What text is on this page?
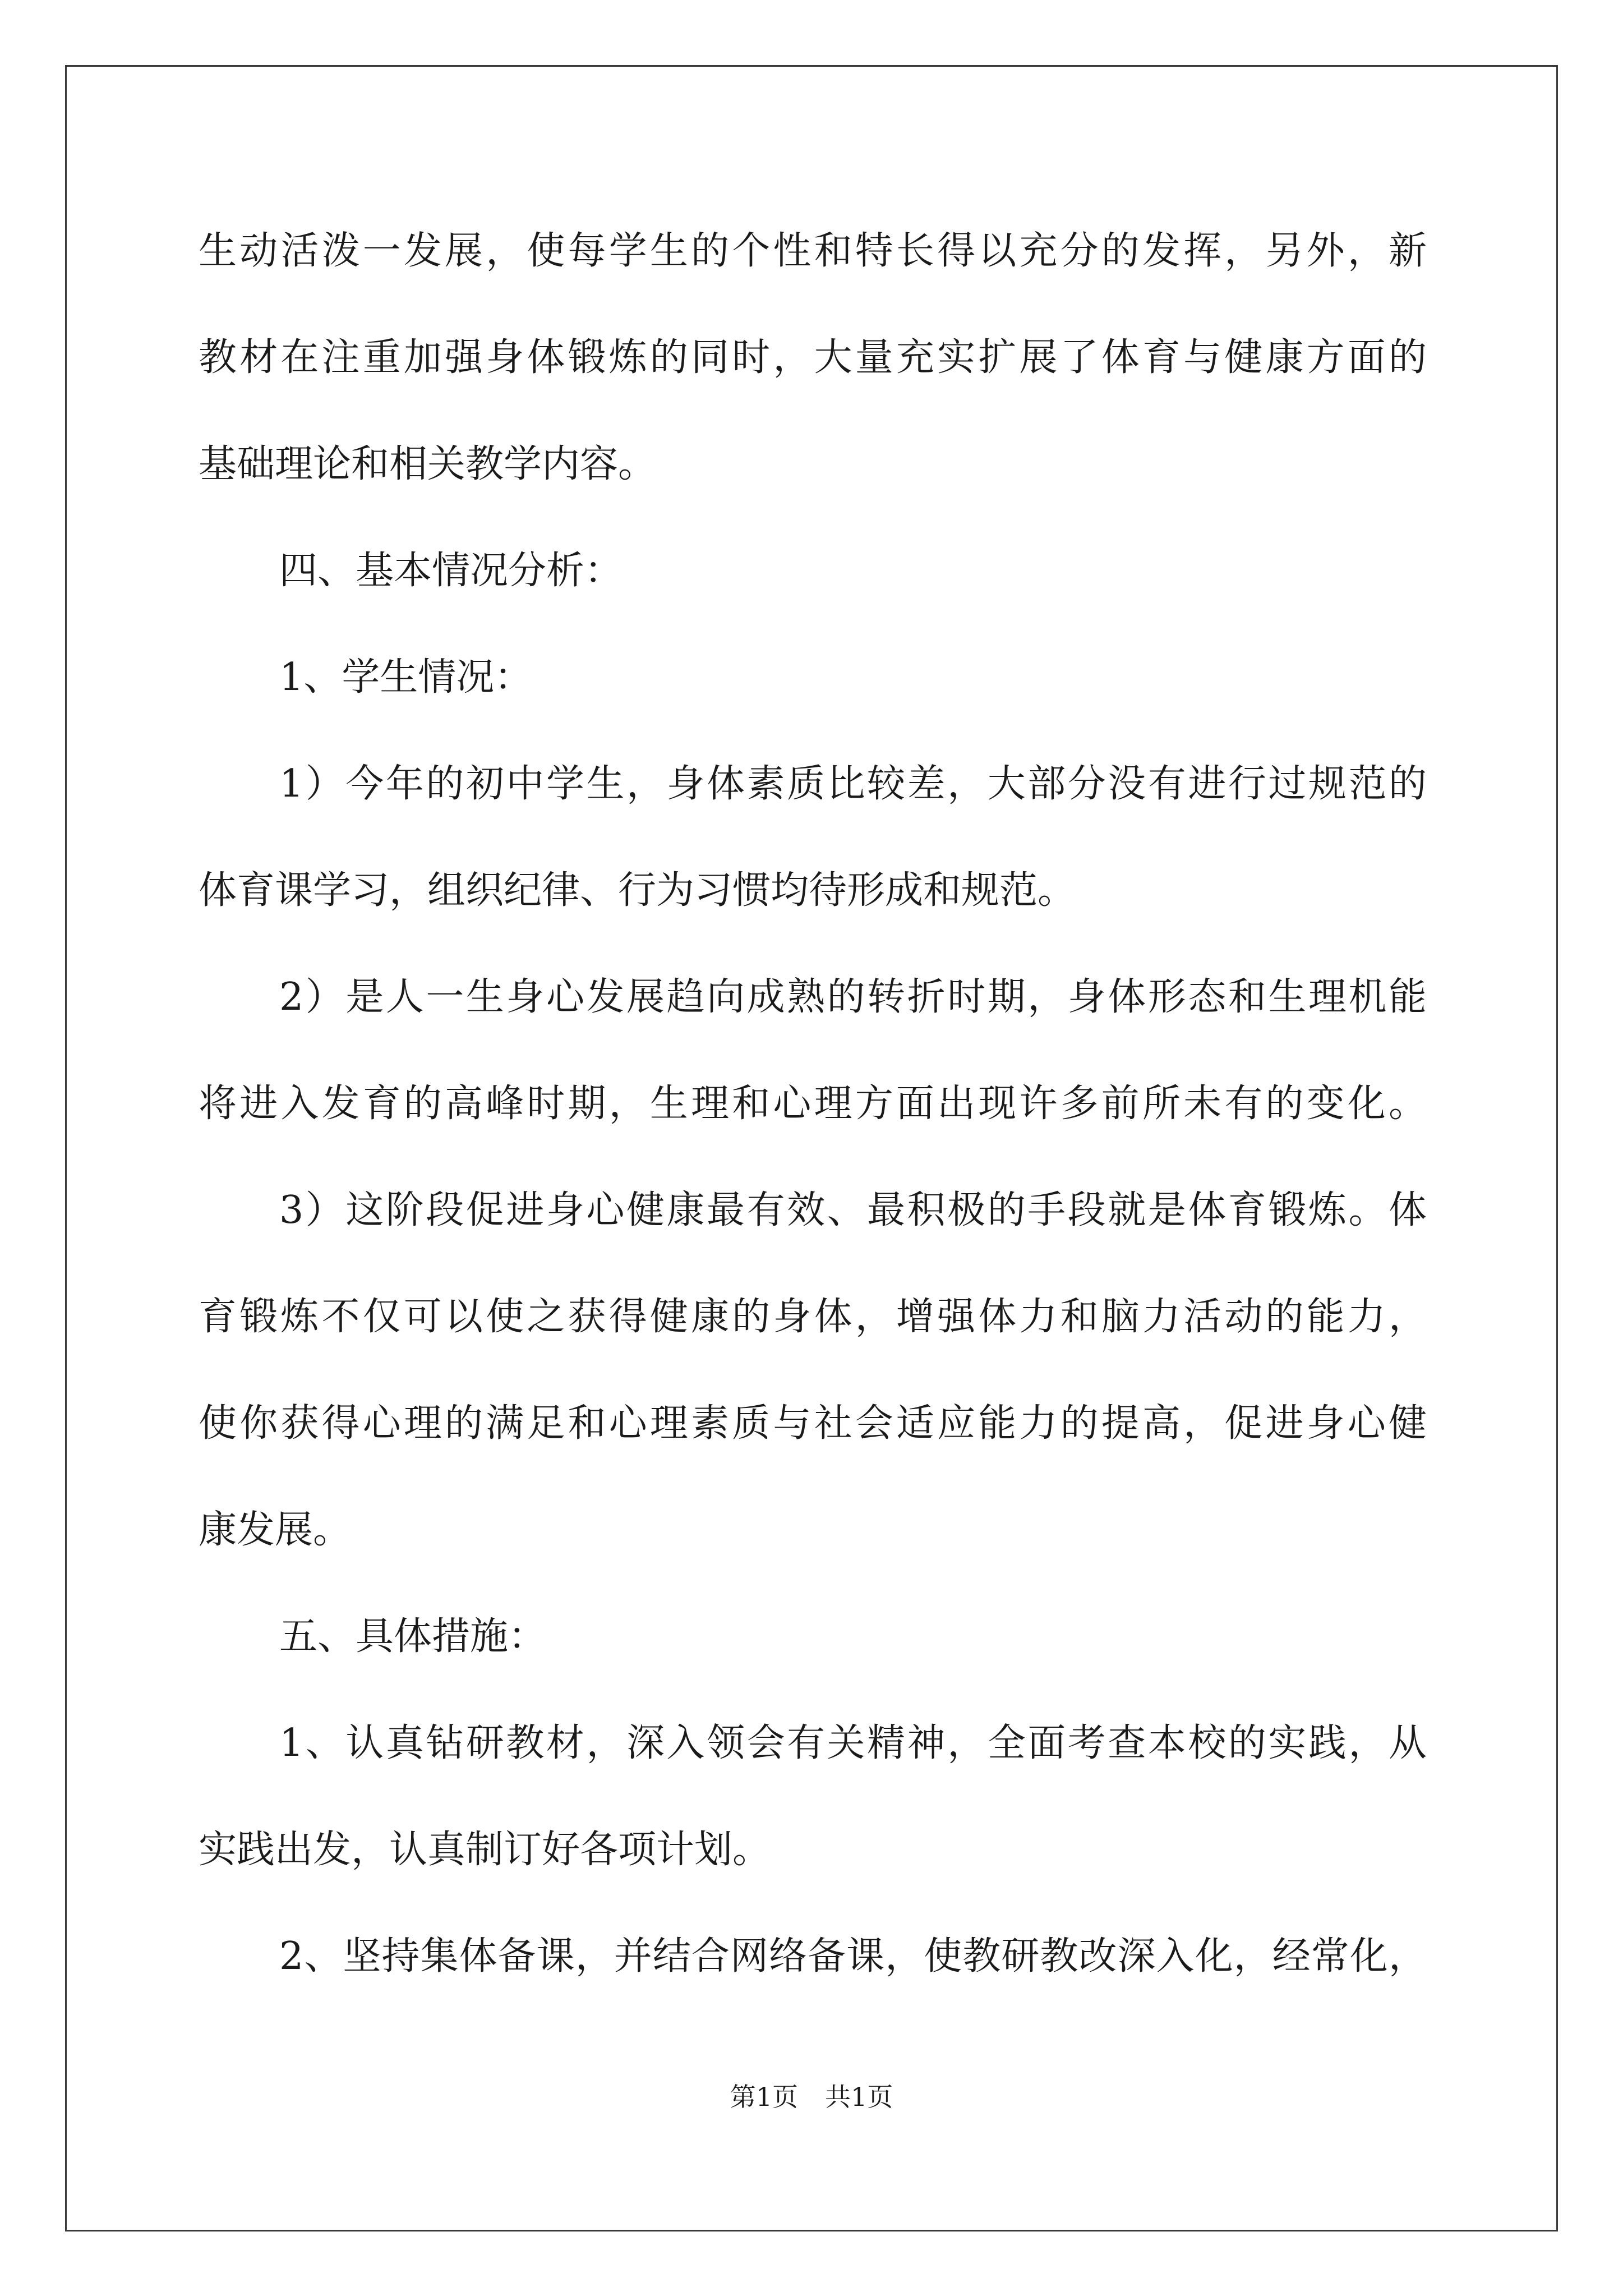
生动活泼一发展，使每学生的个性和特长得以充分的发挥，另外，新
教材在注重加强身体锻炼的同时，大量充实扩展了体育与健康方面的
基础理论和相关教学内容。
四、基本情况分析：
1、学生情况：
1）今年的初中学生，身体素质比较差，大部分没有进行过规范的
体育课学习，组织纪律、行为习惯均待形成和规范。
2）是人一生身心发展趋向成熟的转折时期，身体形态和生理机能
将进入发育的高峰时期，生理和心理方面出现许多前所未有的变化。
3）这阶段促进身心健康最有效、最积极的手段就是体育锻炼。体
育锻炼不仅可以使之获得健康的身体，增强体力和脑力活动的能力，
使你获得心理的满足和心理素质与社会适应能力的提高，促进身心健
康发展。
五、具体措施：
1、认真钻研教材，深入领会有关精神，全面考查本校的实践，从
实践出发，认真制订好各项计划。
2、坚持集体备课，并结合网络备课，使教研教改深入化，经常化，
第1页 共1页
